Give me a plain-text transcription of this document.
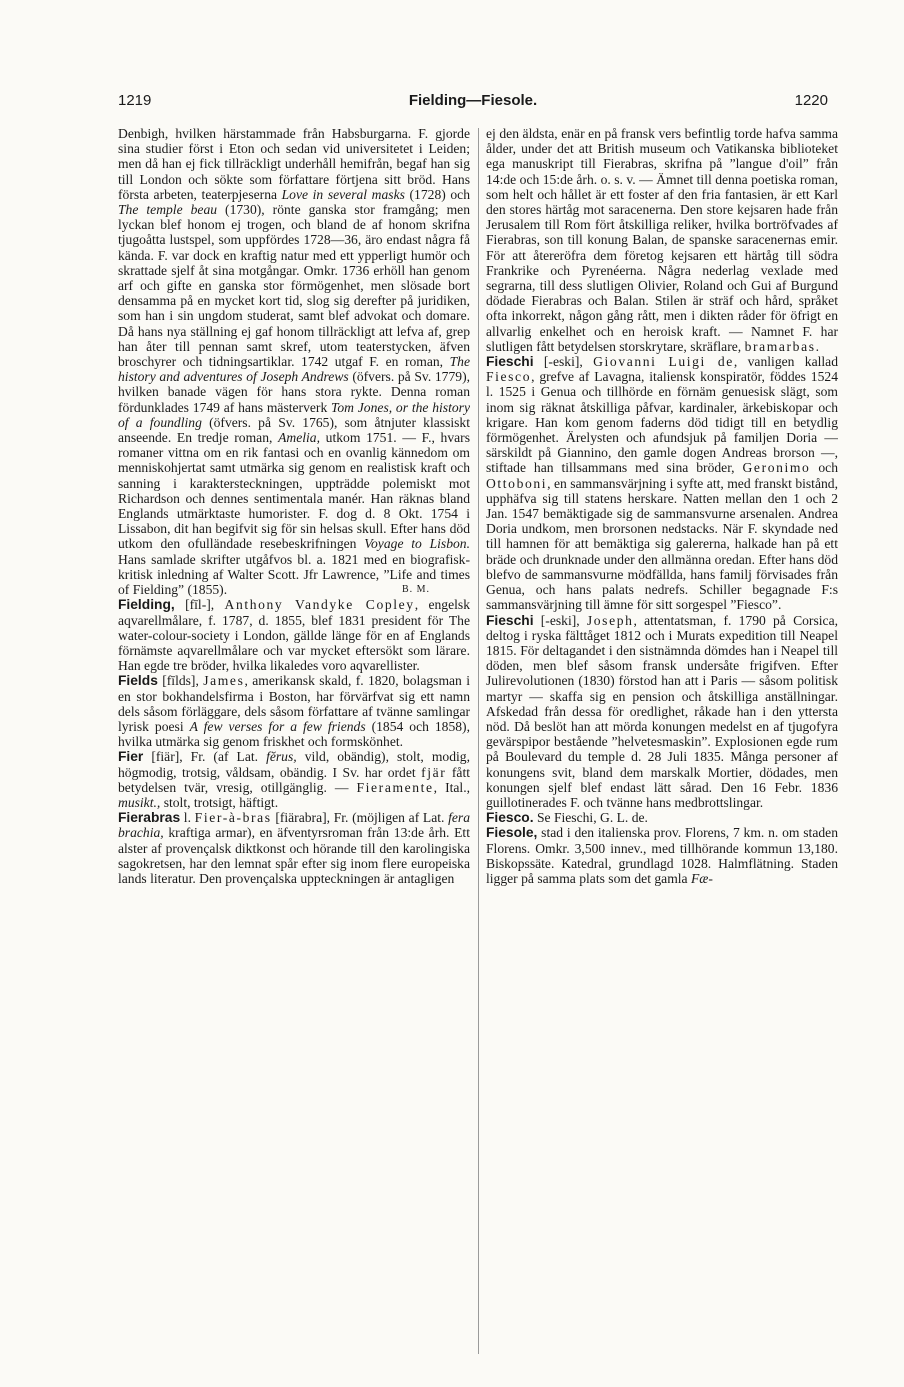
1219	Fielding—Fiesole.	1220

Denbigh, hvilken härstammade från Habsburgarna. F. gjorde sina studier först i Eton och sedan vid universitetet i Leiden; men då han ej fick tillräckligt underhåll hemifrån, begaf han sig till London och sökte som författare förtjena sitt bröd. Hans första arbeten, teaterpjeserna Love in several masks (1728) och The temple beau (1730), rönte ganska stor framgång; men lyckan blef honom ej trogen, och bland de af honom skrifna tjugoåtta lustspel, som uppfördes 1728—36, äro endast några få kända. F. var dock en kraftig natur med ett ypperligt humör och skrattade sjelf åt sina motgångar. Omkr. 1736 erhöll han genom arf och gifte en ganska stor förmögenhet, men slösade bort densamma på en mycket kort tid, slog sig derefter på juridiken, som han i sin ungdom studerat, samt blef advokat och domare. Då hans nya ställning ej gaf honom tillräckligt att lefva af, grep han åter till pennan samt skref, utom teaterstycken, äfven broschyrer och tidningsartiklar. 1742 utgaf F. en roman, The history and adventures of Joseph Andrews (öfvers. på Sv. 1779), hvilken banade vägen för hans stora rykte. Denna roman fördunklades 1749 af hans mästerverk Tom Jones, or the history of a foundling (öfvers. på Sv. 1765), som åtnjuter klassiskt anseende. En tredje roman, Amelia, utkom 1751. — F., hvars romaner vittna om en rik fantasi och en ovanlig kännedom om menniskohjertat samt utmärka sig genom en realistisk kraft och sanning i karaktersteckningen, uppträdde polemiskt mot Richardson och dennes sentimentala manér. Han räknas bland Englands utmärktaste humorister. F. dog d. 8 Okt. 1754 i Lissabon, dit han begifvit sig för sin helsas skull. Efter hans död utkom den ofulländade resebeskrifningen Voyage to Lisbon. Hans samlade skrifter utgåfvos bl. a. 1821 med en biografisk-kritisk inledning af Walter Scott. Jfr Lawrence, ”Life and times of Fielding” (1855).	B. M.

Fielding, [fīl-], Anthony Vandyke Copley, engelsk aqvarellmålare, f. 1787, d. 1855, blef 1831 president för The water-colour-society i London, gällde länge för en af Englands förnämste aqvarellmålare och var mycket eftersökt som lärare. Han egde tre bröder, hvilka likaledes voro aqvarellister.

Fields [fīlds], James, amerikansk skald, f. 1820, bolagsman i en stor bokhandelsfirma i Boston, har förvärfvat sig ett namn dels såsom förläggare, dels såsom författare af tvänne samlingar lyrisk poesi A few verses for a few friends (1854 och 1858), hvilka utmärka sig genom friskhet och formskönhet.

Fier [fiär], Fr. (af Lat. fĕrus, vild, obändig), stolt, modig, högmodig, trotsig, våldsam, obändig. I Sv. har ordet fjär fått betydelsen tvär, vresig, otillgänglig. — Fieramente, Ital., musikt., stolt, trotsigt, häftigt.

Fierabras l. Fier-à-bras [fiärabra], Fr. (möjligen af Lat. fera brachia, kraftiga armar), en äfventyrsroman från 13:de årh. Ett alster af provençalsk diktkonst och hörande till den karolingiska sagokretsen, har den lemnat spår efter sig inom flere europeiska lands literatur. Den provençalska uppteckningen är antagligen

ej den äldsta, enär en på fransk vers befintlig torde hafva samma ålder, under det att British museum och Vatikanska biblioteket ega manuskript till Fierabras, skrifna på ”langue d'oil” från 14:de och 15:de årh. o. s. v. — Ämnet till denna poetiska roman, som helt och hållet är ett foster af den fria fantasien, är ett Karl den stores härtåg mot saracenerna. Den store kejsaren hade från Jerusalem till Rom fört åtskilliga reliker, hvilka bortröfvades af Fierabras, son till konung Balan, de spanske saracenernas emir. För att återeröfra dem företog kejsaren ett härtåg till södra Frankrike och Pyrenéerna. Några nederlag vexlade med segrarna, till dess slutligen Olivier, Roland och Gui af Burgund dödade Fierabras och Balan. Stilen är sträf och hård, språket ofta inkorrekt, någon gång rått, men i dikten råder för öfrigt en allvarlig enkelhet och en heroisk kraft. — Namnet F. har slutligen fått betydelsen storskrytare, skräflare, bramarbas.

Fieschi [-eski], Giovanni Luigi de, vanligen kallad Fiesco, grefve af Lavagna, italiensk konspiratör, föddes 1524 l. 1525 i Genua och tillhörde en förnäm genuesisk slägt, som inom sig räknat åtskilliga påfvar, kardinaler, ärkebiskopar och krigare. Han kom genom faderns död tidigt till en betydlig förmögenhet. Ärelysten och afundsjuk på familjen Doria — särskildt på Giannino, den gamle dogen Andreas brorson —, stiftade han tillsammans med sina bröder, Geronimo och Ottoboni, en sammansvärjning i syfte att, med franskt bistånd, upphäfva sig till statens herskare. Natten mellan den 1 och 2 Jan. 1547 bemäktigade sig de sammansvurne arsenalen. Andrea Doria undkom, men brorsonen nedstacks. När F. skyndade ned till hamnen för att bemäktiga sig galererna, halkade han på ett bräde och drunknade under den allmänna oredan. Efter hans död blefvo de sammansvurne mödfällda, hans familj förvisades från Genua, och hans palats nedrefs. Schiller begagnade F:s sammansvärjning till ämne för sitt sorgespel ”Fiesco”.

Fieschi [-eski], Joseph, attentatsman, f. 1790 på Corsica, deltog i ryska fälttåget 1812 och i Murats expedition till Neapel 1815. För deltagandet i den sistnämnda dömdes han i Neapel till döden, men blef såsom fransk undersåte frigifven. Efter Julirevolutionen (1830) förstod han att i Paris — såsom politisk martyr — skaffa sig en pension och åtskilliga anställningar. Afskedad från dessa för oredlighet, råkade han i den yttersta nöd. Då beslöt han att mörda konungen medelst en af tjugofyra gevärspipor bestående ”helvetesmaskin”. Explosionen egde rum på Boulevard du temple d. 28 Juli 1835. Många personer af konungens svit, bland dem marskalk Mortier, dödades, men konungen sjelf blef endast lätt sårad. Den 16 Febr. 1836 guillotinerades F. och tvänne hans medbrottslingar.

Fiesco. Se Fieschi, G. L. de.

Fiesole, stad i den italienska prov. Florens, 7 km. n. om staden Florens. Omkr. 3,500 innev., med tillhörande kommun 13,180. Biskopssäte. Katedral, grundlagd 1028. Halmflätning. Staden ligger på samma plats som det gamla Fæ-
